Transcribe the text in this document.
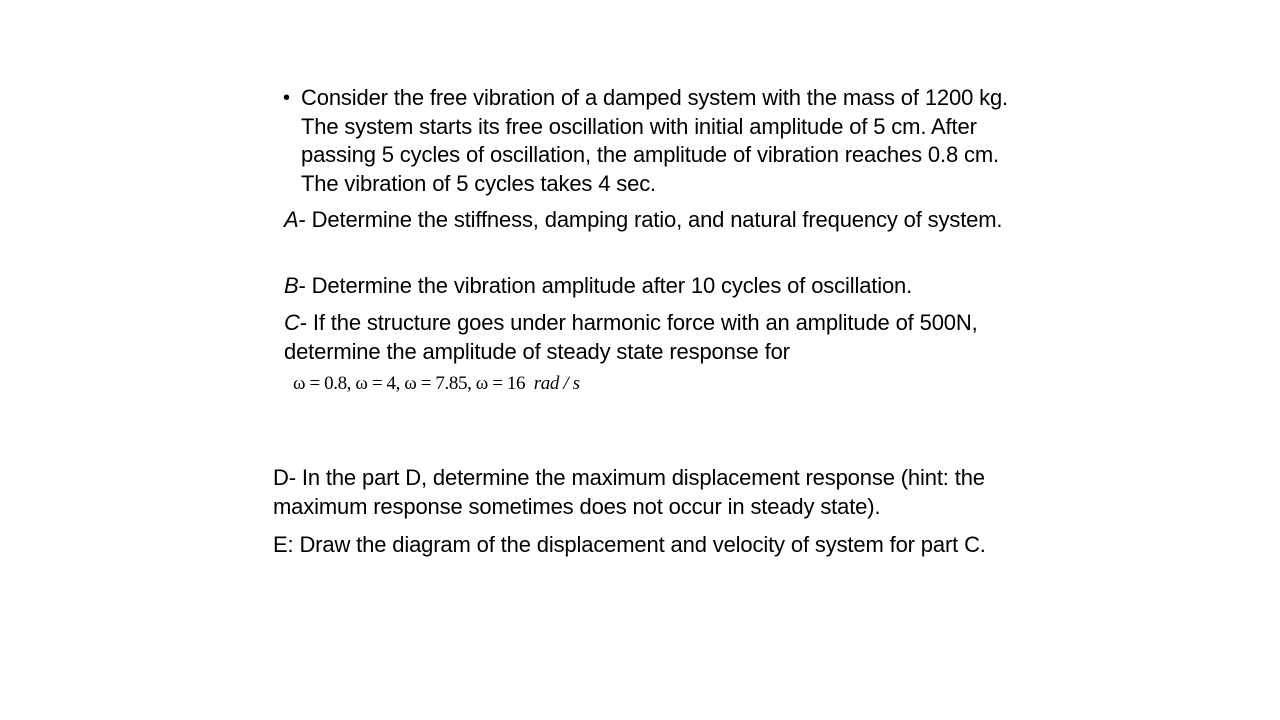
• Consider the free vibration of a damped system with the mass of 1200 kg. The system starts its free oscillation with initial amplitude of 5 cm. After passing 5 cycles of oscillation, the amplitude of vibration reaches 0.8 cm. The vibration of 5 cycles takes 4 sec.
A- Determine the stiffness, damping ratio, and natural frequency of system.
B- Determine the vibration amplitude after 10 cycles of oscillation.
C- If the structure goes under harmonic force with an amplitude of 500N, determine the amplitude of steady state response for
ω = 0.8, ω = 4, ω = 7.85, ω = 16 rad / s
D- In the part D, determine the maximum displacement response (hint: the maximum response sometimes does not occur in steady state).
E: Draw the diagram of the displacement and velocity of system for part C.
